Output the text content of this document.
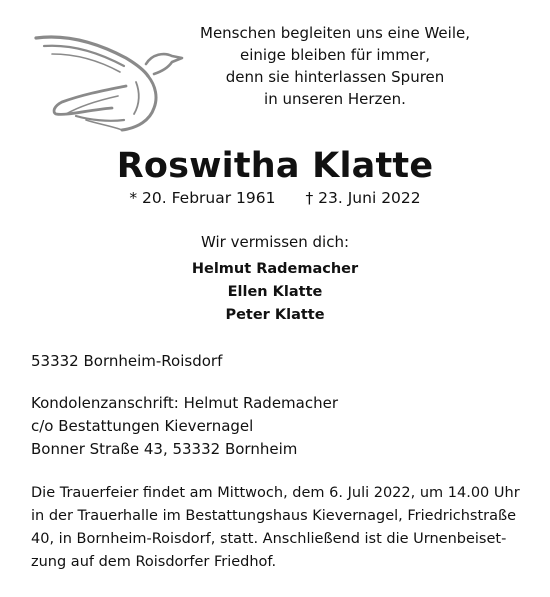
Menschen begleiten uns eine Weile,
einige bleiben für immer,
denn sie hinterlassen Spuren
in unseren Herzen.
Roswitha Klatte
* 20. Februar 1961 † 23. Juni 2022
Wir vermissen dich:
Helmut Rademacher
Ellen Klatte
Peter Klatte
53332 Bornheim-Roisdorf
Kondolenzanschrift: Helmut Rademacher
c/o Bestattungen Kievernagel
Bonner Straße 43, 53332 Bornheim
Die Trauerfeier findet am Mittwoch, dem 6. Juli 2022, um 14.00 Uhr
in der Trauerhalle im Bestattungshaus Kievernagel, Friedrichstraße
40, in Bornheim-Roisdorf, statt. Anschließend ist die Urnenbeiset-
zung auf dem Roisdorfer Friedhof.
